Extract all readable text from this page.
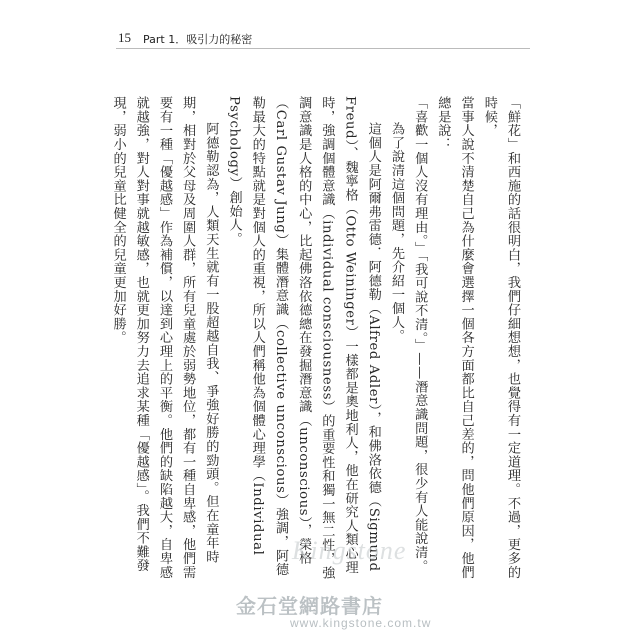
15 Part 1．吸引力的秘密

「鮮花」和西施的話很明白，我們仔細想想，也覺得有一定道理。不過，更多的時候，

當事人說不清楚自己為什麼會選擇一個各方面都比自己差的，問他們原因，他們總是說：

「喜歡一個人沒有理由。」「我可說不清。」——潛意識問題，很少有人能說清。

為了說清這個問題，先介紹一個人。

這個人是阿爾弗雷德．阿德勒（Alfred Adler），和佛洛依德（Sigmund Freud）、魏寧格（Otto Weininger）一樣都是奧地利人，他在研究人類心理時，強調個體意識（individual consciousness）的重要性和獨一無二性，強調意識是人格的中心，比起佛洛依德總在發掘潛意識（unconscious），榮格（Carl Gustav Jung）集體潛意識（collective unconscious）強調，阿德勒最大的特點就是對個人的重視，所以人們稱他為個體心理學（Individual Psychology）創始人。

阿德勒認為，人類天生就有一股超越自我、爭強好勝的勁頭。但在童年時期，相對於父母及周圍人群，所有兒童處於弱勢地位，都有一種自卑感，他們需要有一種「優越感」作為補償，以達到心理上的平衡。他們的缺陷越大，自卑感就越強，對人對事就越敏感，也就更加努力去追求某種「優越感」。我們不難發現，弱小的兒童比健全的兒童更加好勝。

Kingstone
金石堂網路書店
www.kingstone.com.tw
